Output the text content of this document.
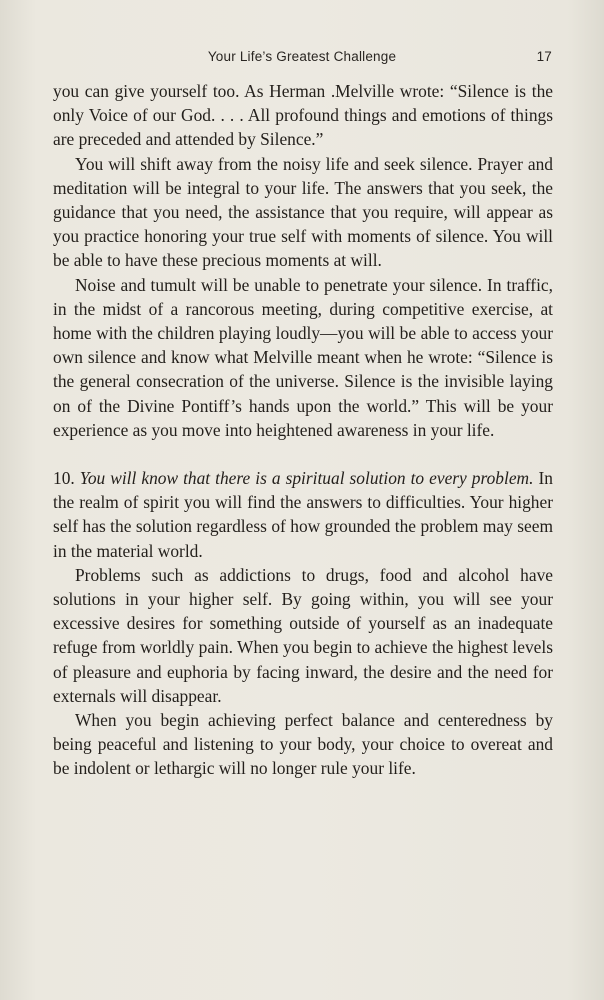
Your Life’s Greatest Challenge	17

you can give yourself too. As Herman .Melville wrote: “Silence is the only Voice of our God. . . . All profound things and emotions of things are preceded and attended by Silence.”

You will shift away from the noisy life and seek silence. Prayer and meditation will be integral to your life. The answers that you seek, the guidance that you need, the assistance that you require, will appear as you practice honoring your true self with moments of silence. You will be able to have these precious moments at will.

Noise and tumult will be unable to penetrate your silence. In traffic, in the midst of a rancorous meeting, during competitive exercise, at home with the children playing loudly—you will be able to access your own silence and know what Melville meant when he wrote: “Silence is the general consecration of the universe. Silence is the invisible laying on of the Divine Pontiff’s hands upon the world.” This will be your experience as you move into heightened awareness in your life.

10. You will know that there is a spiritual solution to every problem. In the realm of spirit you will find the answers to difficulties. Your higher self has the solution regardless of how grounded the problem may seem in the material world.

Problems such as addictions to drugs, food and alcohol have solutions in your higher self. By going within, you will see your excessive desires for something outside of yourself as an inadequate refuge from worldly pain. When you begin to achieve the highest levels of pleasure and euphoria by facing inward, the desire and the need for externals will disappear.

When you begin achieving perfect balance and centeredness by being peaceful and listening to your body, your choice to overeat and be indolent or lethargic will no longer rule your life.
